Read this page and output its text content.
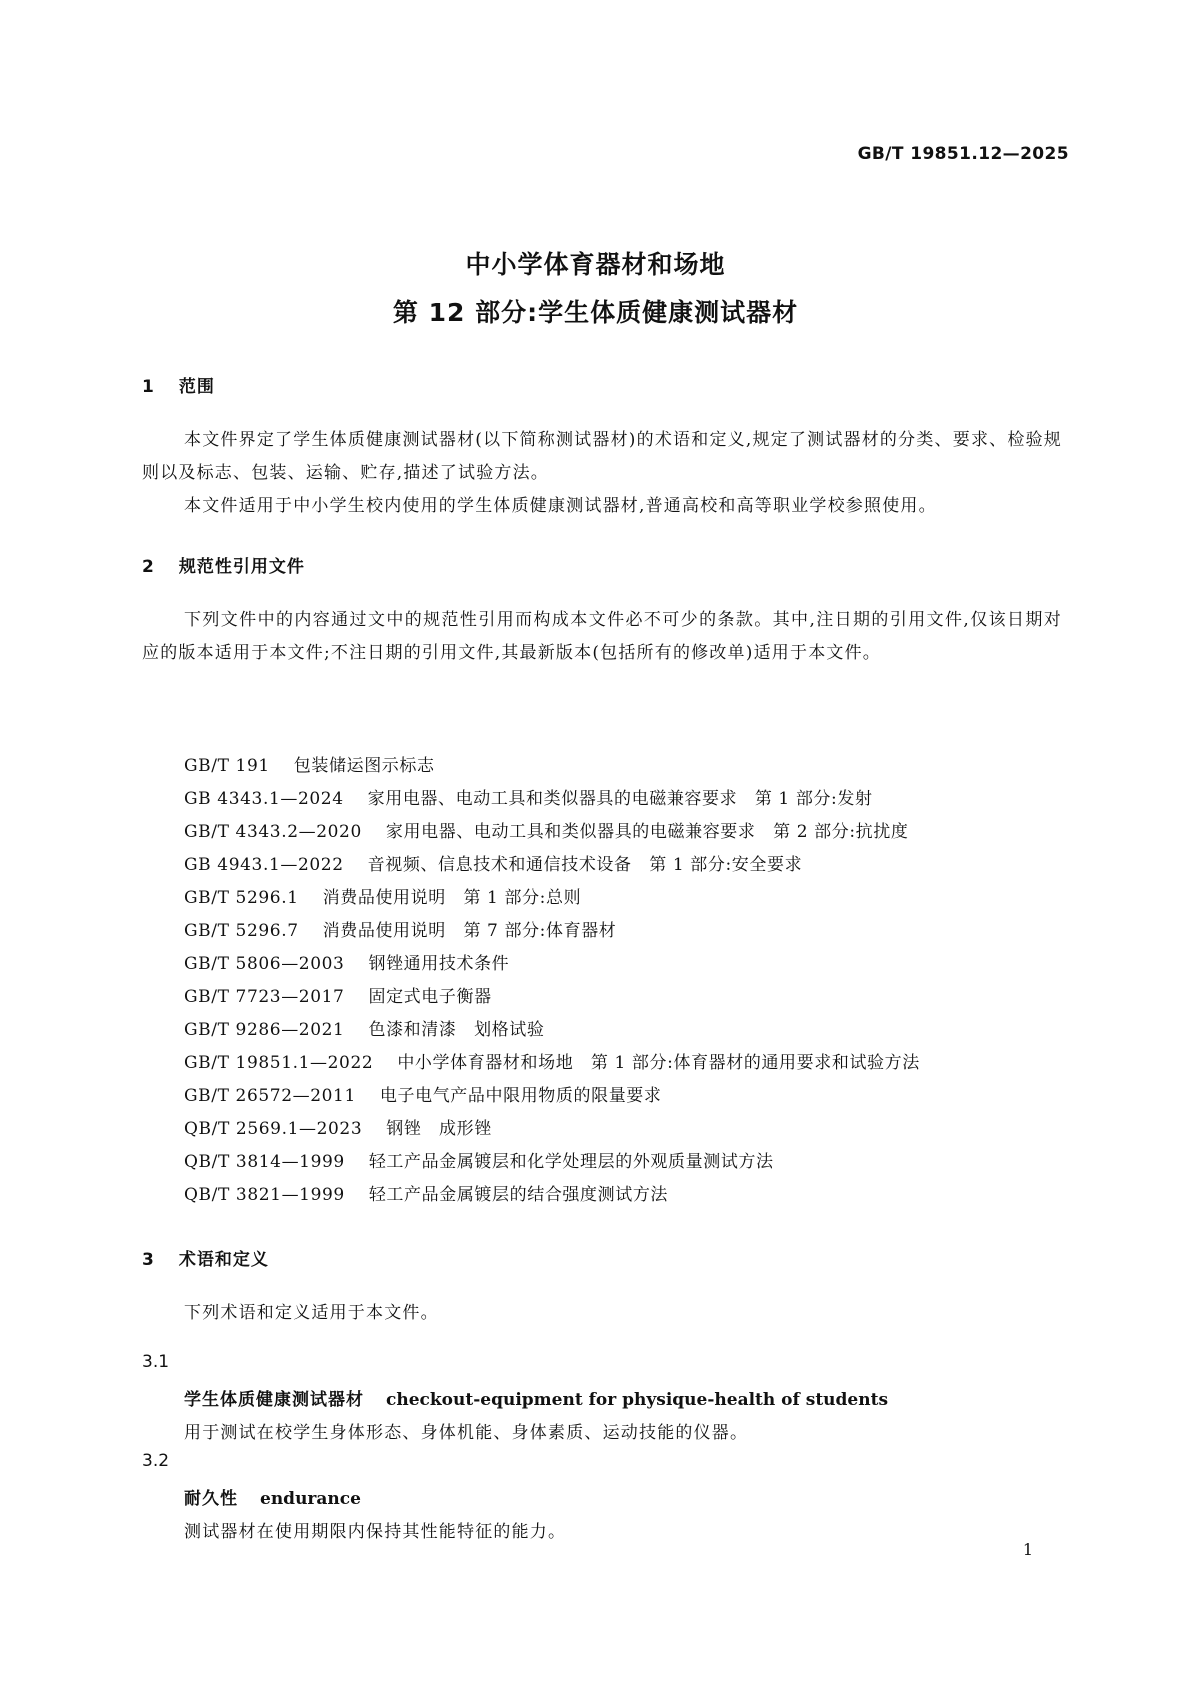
GB/T 19851.12—2025
中小学体育器材和场地
第 12 部分:学生体质健康测试器材
1 范围

本文件界定了学生体质健康测试器材(以下简称测试器材)的术语和定义,规定了测试器材的分类、要求、检验规则以及标志、包装、运输、贮存,描述了试验方法。

本文件适用于中小学生校内使用的学生体质健康测试器材,普通高校和高等职业学校参照使用。

2 规范性引用文件

下列文件中的内容通过文中的规范性引用而构成本文件必不可少的条款。其中,注日期的引用文件,仅该日期对应的版本适用于本文件;不注日期的引用文件,其最新版本(包括所有的修改单)适用于本文件。

GB/T 191 包装储运图示标志
GB 4343.1—2024 家用电器、电动工具和类似器具的电磁兼容要求　第 1 部分:发射
GB/T 4343.2—2020 家用电器、电动工具和类似器具的电磁兼容要求　第 2 部分:抗扰度
GB 4943.1—2022 音视频、信息技术和通信技术设备　第 1 部分:安全要求
GB/T 5296.1 消费品使用说明　第 1 部分:总则
GB/T 5296.7 消费品使用说明　第 7 部分:体育器材
GB/T 5806—2003 钢锉通用技术条件
GB/T 7723—2017 固定式电子衡器
GB/T 9286—2021 色漆和清漆　划格试验
GB/T 19851.1—2022 中小学体育器材和场地　第 1 部分:体育器材的通用要求和试验方法
GB/T 26572—2011 电子电气产品中限用物质的限量要求
QB/T 2569.1—2023 钢锉　成形锉
QB/T 3814—1999 轻工产品金属镀层和化学处理层的外观质量测试方法
QB/T 3821—1999 轻工产品金属镀层的结合强度测试方法
3 术语和定义

下列术语和定义适用于本文件。

3.1
学生体质健康测试器材 checkout-equipment for physique-health of students
用于测试在校学生身体形态、身体机能、身体素质、运动技能的仪器。
3.2
耐久性 endurance
测试器材在使用期限内保持其性能特征的能力。
1
